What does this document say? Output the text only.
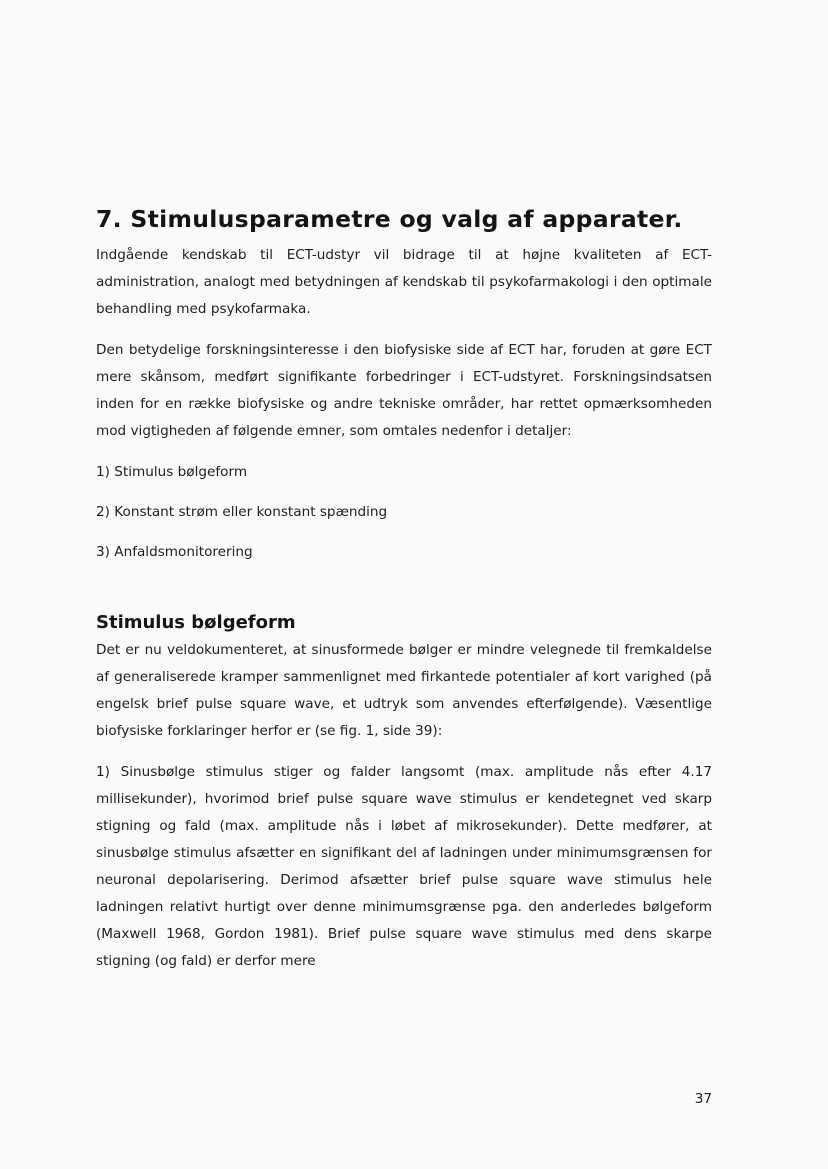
7. Stimulusparametre og valg af apparater.

Indgående kendskab til ECT-udstyr vil bidrage til at højne kvaliteten af ECT-administration, analogt med betydningen af kendskab til psykofarmakologi i den optimale behandling med psykofarmaka.

Den betydelige forskningsinteresse i den biofysiske side af ECT har, foruden at gøre ECT mere skånsom, medført signifikante forbedringer i ECT-udstyret. Forskningsindsatsen inden for en række biofysiske og andre tekniske områder, har rettet opmærksomheden mod vigtigheden af følgende emner, som omtales nedenfor i detaljer:

1) Stimulus bølgeform

2) Konstant strøm eller konstant spænding

3) Anfaldsmonitorering

Stimulus bølgeform

Det er nu veldokumenteret, at sinusformede bølger er mindre velegnede til fremkaldelse af generaliserede kramper sammenlignet med firkantede potentialer af kort varighed (på engelsk brief pulse square wave, et udtryk som anvendes efterfølgende). Væsentlige biofysiske forklaringer herfor er (se fig. 1, side 39):

1) Sinusbølge stimulus stiger og falder langsomt (max. amplitude nås efter 4.17 millisekunder), hvorimod brief pulse square wave stimulus er kendetegnet ved skarp stigning og fald (max. amplitude nås i løbet af mikrosekunder). Dette medfører, at sinusbølge stimulus afsætter en signifikant del af ladningen under minimumsgrænsen for neuronal depolarisering. Derimod afsætter brief pulse square wave stimulus hele ladningen relativt hurtigt over denne minimumsgrænse pga. den anderledes bølgeform (Maxwell 1968, Gordon 1981). Brief pulse square wave stimulus med dens skarpe stigning (og fald) er derfor mere

37
